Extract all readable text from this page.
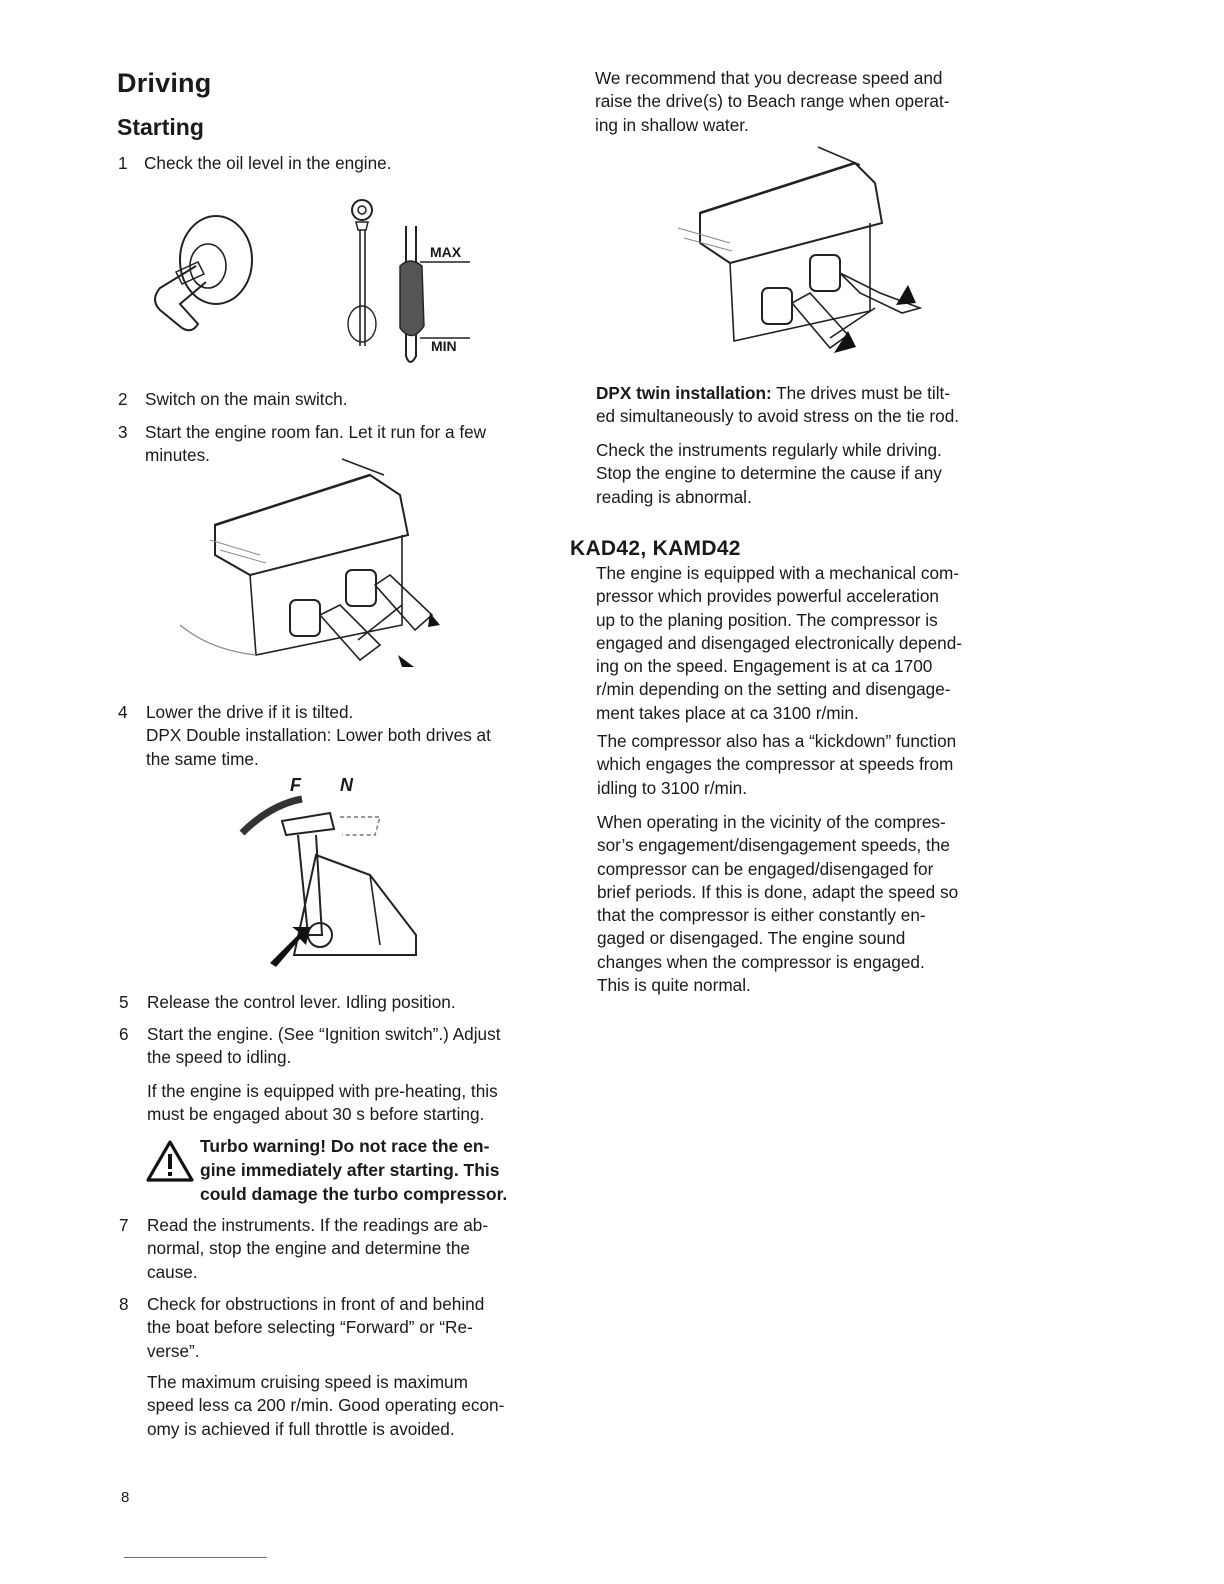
Driving
Starting
1 Check the oil level in the engine.
MAX
MIN
2 Switch on the main switch.
3 Start the engine room fan. Let it run for a few
minutes.
4 Lower the drive if it is tilted.
DPX Double installation: Lower both drives at
the same time.
F N
5 Release the control lever. Idling position.
6 Start the engine. (See “Ignition switch”.) Adjust
the speed to idling.
If the engine is equipped with pre-heating, this
must be engaged about 30 s before starting.
Turbo warning! Do not race the en-
gine immediately after starting. This
could damage the turbo compressor.
7 Read the instruments. If the readings are ab-
normal, stop the engine and determine the
cause.
8 Check for obstructions in front of and behind
the boat before selecting “Forward” or “Re-
verse”.
The maximum cruising speed is maximum
speed less ca 200 r/min. Good operating econ-
omy is achieved if full throttle is avoided.
We recommend that you decrease speed and
raise the drive(s) to Beach range when operat-
ing in shallow water.
DPX twin installation: The drives must be tilt-
ed simultaneously to avoid stress on the tie rod.
Check the instruments regularly while driving.
Stop the engine to determine the cause if any
reading is abnormal.
KAD42, KAMD42
The engine is equipped with a mechanical com-
pressor which provides powerful acceleration
up to the planing position. The compressor is
engaged and disengaged electronically depend-
ing on the speed. Engagement is at ca 1700
r/min depending on the setting and disengage-
ment takes place at ca 3100 r/min.
The compressor also has a “kickdown” function
which engages the compressor at speeds from
idling to 3100 r/min.
When operating in the vicinity of the compres-
sor’s engagement/disengagement speeds, the
compressor can be engaged/disengaged for
brief periods. If this is done, adapt the speed so
that the compressor is either constantly en-
gaged or disengaged. The engine sound
changes when the compressor is engaged.
This is quite normal.
8
